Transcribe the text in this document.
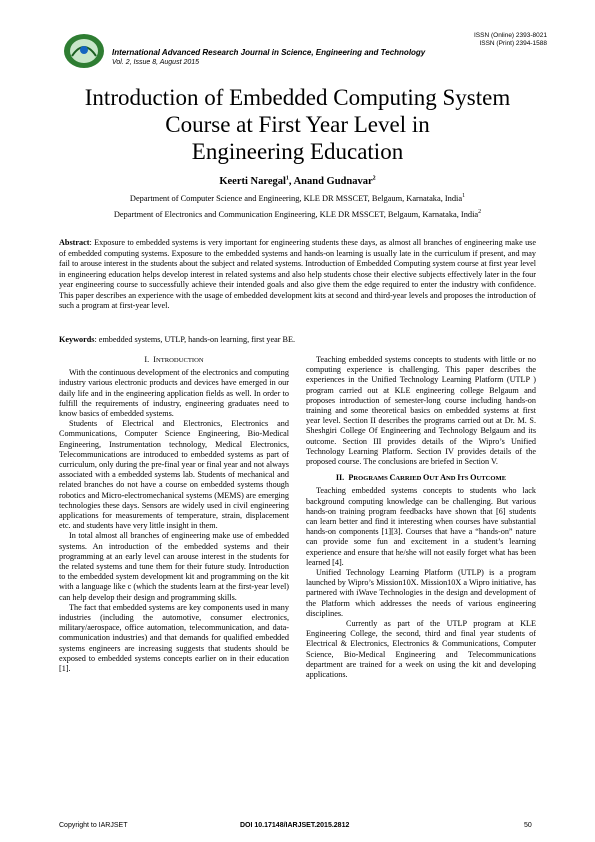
ISSN (Online) 2393-8021
ISSN (Print) 2394-1588
International Advanced Research Journal in Science, Engineering and Technology
Vol. 2, Issue 8, August 2015
Introduction of Embedded Computing System
Course at First Year Level in
Engineering Education
Keerti Naregal$^1$, Anand Gudnavar$^2$
Department of Computer Science and Engineering, KLE DR MSSCET, Belgaum, Karnataka, India$^1$
Department of Electronics and Communication Engineering, KLE DR MSSCET, Belgaum, Karnataka, India$^2$
Abstract: Exposure to embedded systems is very important for engineering students these days, as almost all branches of engineering make use of embedded computing systems. Exposure to the embedded systems and hands-on learning is usually late in the curriculum if present, and may fail to arouse interest in the students about the subject and related systems. Introduction of Embedded Computing system course at first year level in engineering education helps develop interest in related systems and also help students chose their elective subjects effectively later in the four year engineering course to successfully achieve their intended goals and also give them the edge required to enter the industry with confidence. This paper describes an experience with the usage of embedded development kits at second and third-year levels and proposes the introduction of such a program at first-year level.
Keywords: embedded systems, UTLP, hands-on learning, first year BE.
I. INTRODUCTION

With the continuous development of the electronics and computing industry various electronic products and devices have emerged in our daily life and in the engineering application fields as well. In order to fulfill the requirements of industry, engineering graduates need to know basics of embedded systems.

Students of Electrical and Electronics, Electronics and Communications, Computer Science Engineering, Bio-Medical Engineering, Instrumentation technology, Medical Electronics, Telecommunications are introduced to embedded systems as part of curriculum, only during the pre-final year or final year and not always associated with a embedded systems lab. Students of mechanical and related branches do not have a course on embedded systems though robotics and Micro-electromechanical systems (MEMS) are emerging technologies these days. Sensors are widely used in civil engineering applications for measurements of temperature, strain, displacement etc. and students have very little insight in them.

In total almost all branches of engineering make use of embedded systems. An introduction of the embedded systems and their programming at an early level can arouse interest in the students for the related systems and tune them for their future study. Introduction to the embedded system development kit and programming on the kit with a language like c (which the students learn at the first-year level) can help develop their design and programming skills.

The fact that embedded systems are key components used in many industries (including the automotive, consumer electronics, military/aerospace, office automation, telecommunication, and data-communication industries) and that demands for qualified embedded systems engineers are increasing suggests that students should be exposed to embedded systems concepts earlier on in their education [1].

Teaching embedded systems concepts to students with little or no computing experience is challenging. This paper describes the experiences in the Unified Technology Learning Platform (UTLP ) program carried out at KLE engineering college Belgaum and proposes introduction of semester-long course including hands-on training and some theoretical basics on embedded systems at first year level. Section II describes the programs carried out at Dr. M. S. Sheshgiri College Of Engineering and Technology Belgaum and its outcome. Section III provides details of the Wipro’s Unified Technology Learning Platform. Section IV provides details of the proposed course. The conclusions are briefed in Section V.

II. PROGRAMS CARRIED OUT AND ITS OUTCOME

Teaching embedded systems concepts to students who lack background computing knowledge can be challenging. But various hands-on training program feedbacks have shown that [6] students can learn better and find it interesting when courses have substantial hands-on components [1][3]. Courses that have a “hands-on” nature can provide some fun and excitement in a student’s learning experience and ensure that he/she will not easily forget what has been learned [4].

Unified Technology Learning Platform (UTLP) is a program launched by Wipro’s Mission10X. Mission10X a Wipro initiative, has partnered with iWave Technologies in the design and development of the Platform which addresses the needs of various engineering disciplines.

Currently as part of the UTLP program at KLE Engineering College, the second, third and final year students of Electrical & Electronics, Electronics & Communications, Computer Science, Bio-Medical Engineering and Telecommunications department are trained for a week on using the kit and developing applications.

Copyright to IARJSET	DOI 10.17148/IARJSET.2015.2812	50
